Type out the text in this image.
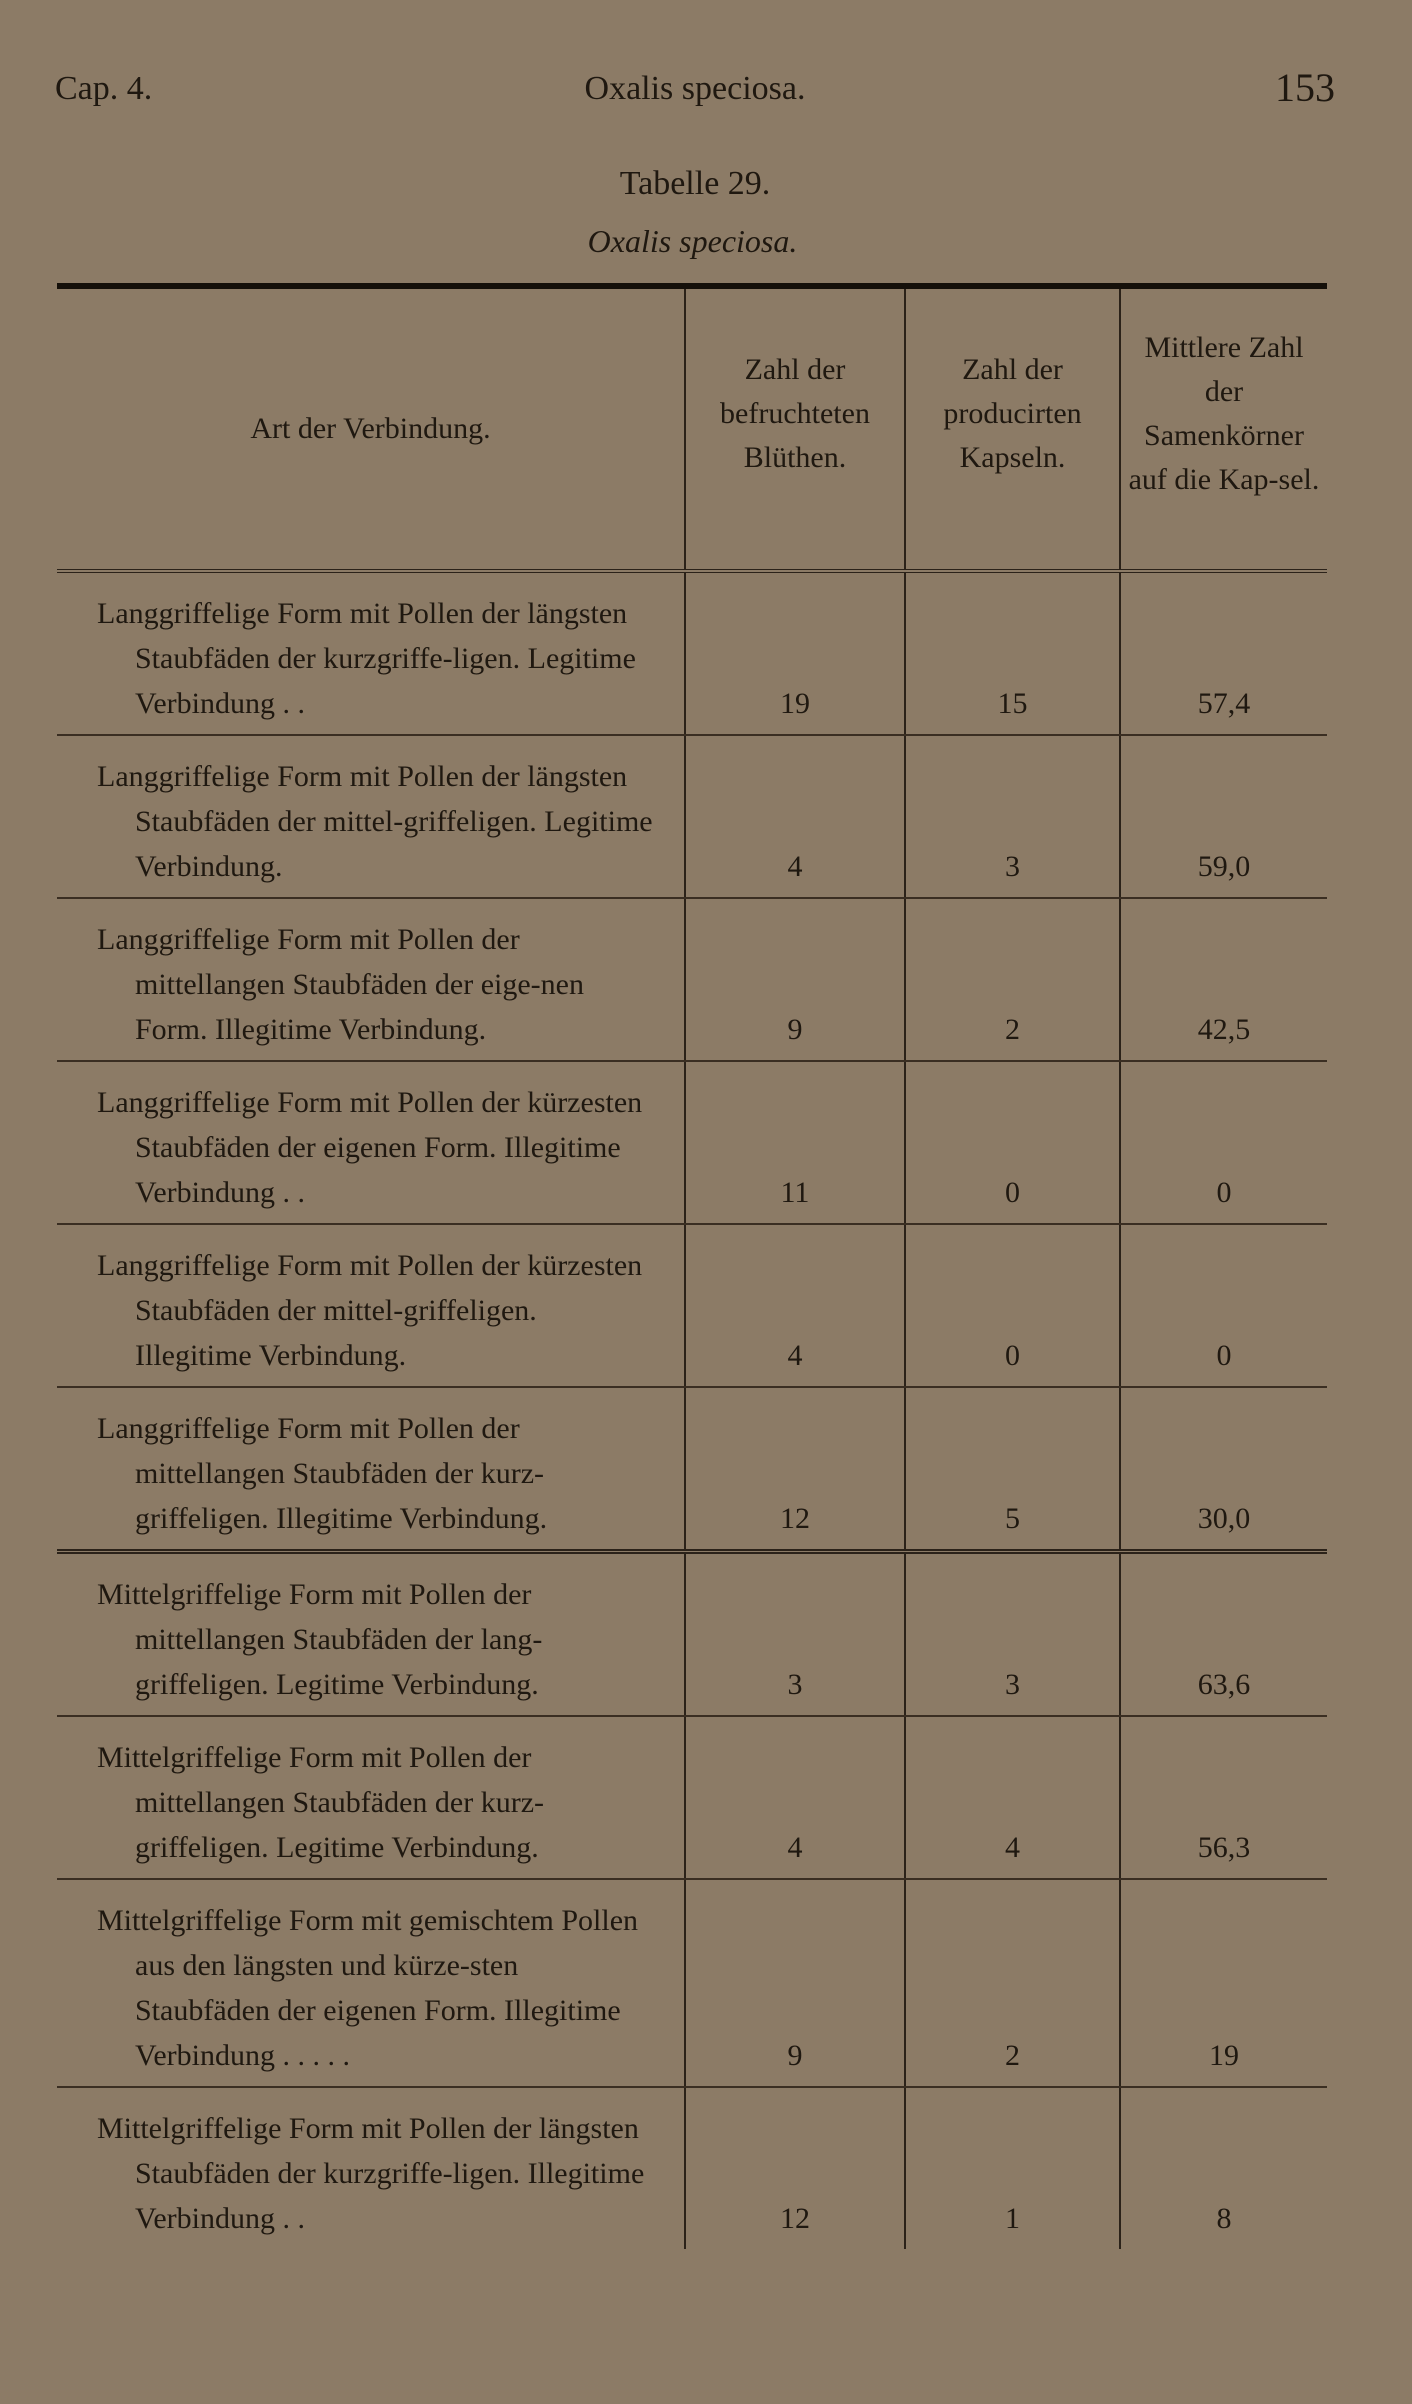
Cap. 4.	Oxalis speciosa.	153
Tabelle 29.
Oxalis speciosa.
Art der Verbindung.	Zahl der befruchteten Blüthen.	Zahl der producirten Kapseln.	Mittlere Zahl der Samenkörner auf die Kap-sel.

Langgriffelige Form mit Pollen der längsten Staubfäden der kurzgriffe-ligen. Legitime Verbindung . .	19	15	57,4

Langgriffelige Form mit Pollen der längsten Staubfäden der mittel-griffeligen. Legitime Verbindung.	4	3	59,0

Langgriffelige Form mit Pollen der mittellangen Staubfäden der eige-nen Form. Illegitime Verbindung.	9	2	42,5

Langgriffelige Form mit Pollen der kürzesten Staubfäden der eigenen Form. Illegitime Verbindung . .	11	0	0

Langgriffelige Form mit Pollen der kürzesten Staubfäden der mittel-griffeligen. Illegitime Verbindung.	4	0	0

Langgriffelige Form mit Pollen der mittellangen Staubfäden der kurz-griffeligen. Illegitime Verbindung.	12	5	30,0

Mittelgriffelige Form mit Pollen der mittellangen Staubfäden der lang-griffeligen. Legitime Verbindung.	3	3	63,6

Mittelgriffelige Form mit Pollen der mittellangen Staubfäden der kurz-griffeligen. Legitime Verbindung.	4	4	56,3

Mittelgriffelige Form mit gemischtem Pollen aus den längsten und kürze-sten Staubfäden der eigenen Form. Illegitime Verbindung . . . . .	9	2	19

Mittelgriffelige Form mit Pollen der längsten Staubfäden der kurzgriffe-ligen. Illegitime Verbindung . .	12	1	8
